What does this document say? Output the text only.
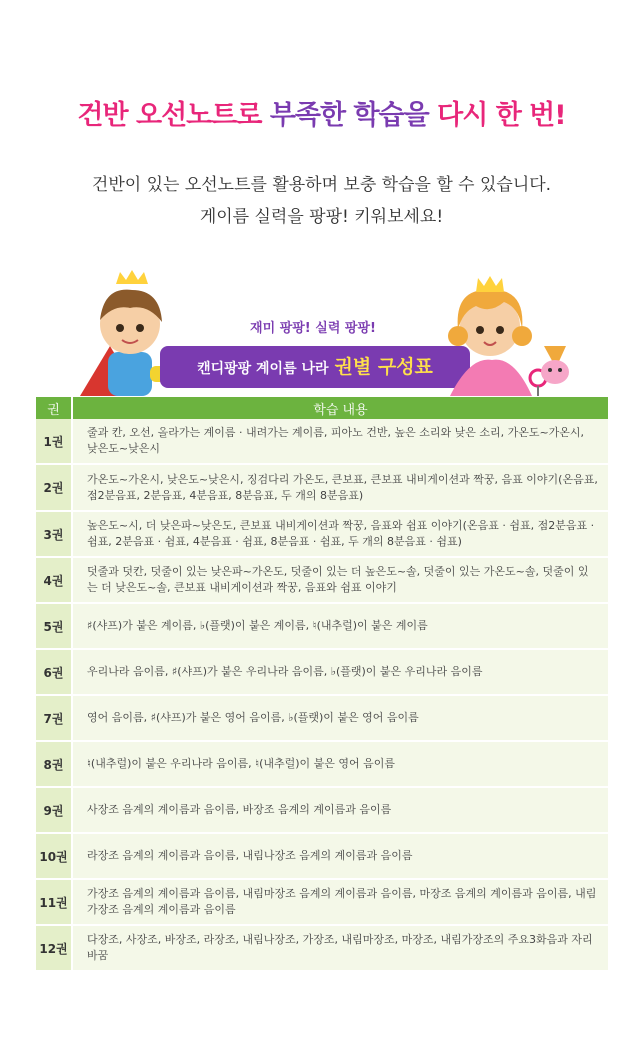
건반 오선노트로 부족한 학습을 다시 한 번!
건반이 있는 오선노트를 활용하며 보충 학습을 할 수 있습니다.
게이름 실력을 팡팡! 키워보세요!
재미 팡팡! 실력 팡팡!
캔디팡팡 계이름 나라 권별 구성표
권	학습 내용
1권	줄과 칸, 오선, 올라가는 계이름 · 내려가는 계이름, 피아노 건반, 높은 소리와 낮은 소리, 가온도~가온시, 낮은도~낮은시
2권	가온도~가온시, 낮은도~낮은시, 징검다리 가온도, 큰보표, 큰보표 내비게이션과 짝꿍, 음표 이야기(온음표, 점2분음표, 2분음표, 4분음표, 8분음표, 두 개의 8분음표)
3권	높은도~시, 더 낮은파~낮은도, 큰보표 내비게이션과 짝꿍, 음표와 쉼표 이야기(온음표 · 쉼표, 점2분음표 · 쉼표, 2분음표 · 쉼표, 4분음표 · 쉼표, 8분음표 · 쉼표, 두 개의 8분음표 · 쉼표)
4권	덧줄과 덧칸, 덧줄이 있는 낮은파~가온도, 덧줄이 있는 더 높은도~솔, 덧줄이 있는 가온도~솔, 덧줄이 있는 더 낮은도~솔, 큰보표 내비게이션과 짝꿍, 음표와 쉼표 이야기
5권	♯(샤프)가 붙은 계이름, ♭(플랫)이 붙은 계이름, ♮(내추럴)이 붙은 계이름
6권	우리나라 음이름, ♯(샤프)가 붙은 우리나라 음이름, ♭(플랫)이 붙은 우리나라 음이름
7권	영어 음이름, ♯(샤프)가 붙은 영어 음이름, ♭(플랫)이 붙은 영어 음이름
8권	♮(내추럴)이 붙은 우리나라 음이름, ♮(내추럴)이 붙은 영어 음이름
9권	사장조 음계의 계이름과 음이름, 바장조 음계의 계이름과 음이름
10권	라장조 음계의 계이름과 음이름, 내림나장조 음계의 계이름과 음이름
11권	가장조 음계의 계이름과 음이름, 내림마장조 음계의 계이름과 음이름, 마장조 음계의 계이름과 음이름, 내림가장조 음계의 계이름과 음이름
12권	다장조, 사장조, 바장조, 라장조, 내림나장조, 가장조, 내림마장조, 마장조, 내림가장조의 주요3화음과 자리바꿈
